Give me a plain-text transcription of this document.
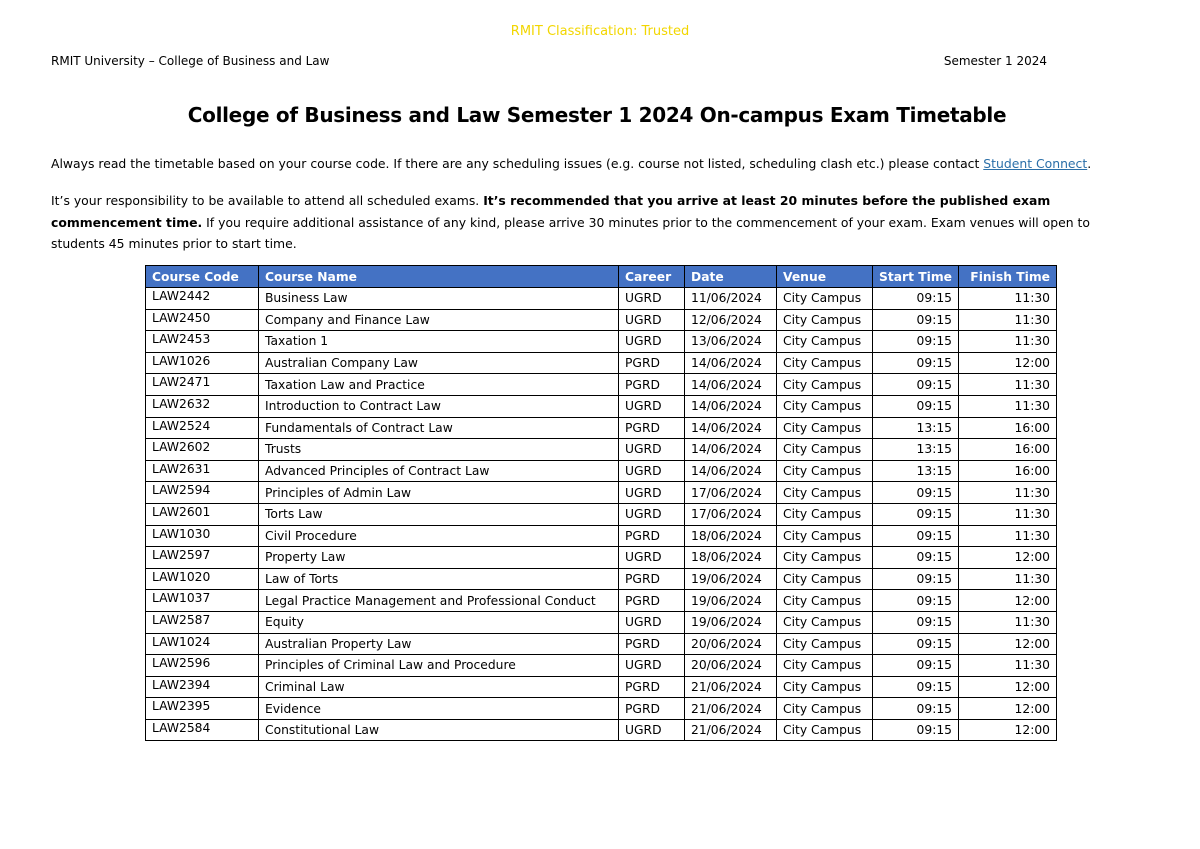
RMIT Classification: Trusted
RMIT University – College of Business and Law	Semester 1 2024
College of Business and Law Semester 1 2024 On-campus Exam Timetable
Always read the timetable based on your course code. If there are any scheduling issues (e.g. course not listed, scheduling clash etc.) please contact Student Connect.
It’s your responsibility to be available to attend all scheduled exams. It’s recommended that you arrive at least 20 minutes before the published exam commencement time. If you require additional assistance of any kind, please arrive 30 minutes prior to the commencement of your exam. Exam venues will open to students 45 minutes prior to start time.
Course Code	Course Name	Career	Date	Venue	Start Time	Finish Time
LAW2442	Business Law	UGRD	11/06/2024	City Campus	09:15	11:30
LAW2450	Company and Finance Law	UGRD	12/06/2024	City Campus	09:15	11:30
LAW2453	Taxation 1	UGRD	13/06/2024	City Campus	09:15	11:30
LAW1026	Australian Company Law	PGRD	14/06/2024	City Campus	09:15	12:00
LAW2471	Taxation Law and Practice	PGRD	14/06/2024	City Campus	09:15	11:30
LAW2632	Introduction to Contract Law	UGRD	14/06/2024	City Campus	09:15	11:30
LAW2524	Fundamentals of Contract Law	PGRD	14/06/2024	City Campus	13:15	16:00
LAW2602	Trusts	UGRD	14/06/2024	City Campus	13:15	16:00
LAW2631	Advanced Principles of Contract Law	UGRD	14/06/2024	City Campus	13:15	16:00
LAW2594	Principles of Admin Law	UGRD	17/06/2024	City Campus	09:15	11:30
LAW2601	Torts Law	UGRD	17/06/2024	City Campus	09:15	11:30
LAW1030	Civil Procedure	PGRD	18/06/2024	City Campus	09:15	11:30
LAW2597	Property Law	UGRD	18/06/2024	City Campus	09:15	12:00
LAW1020	Law of Torts	PGRD	19/06/2024	City Campus	09:15	11:30
LAW1037	Legal Practice Management and Professional Conduct	PGRD	19/06/2024	City Campus	09:15	12:00
LAW2587	Equity	UGRD	19/06/2024	City Campus	09:15	11:30
LAW1024	Australian Property Law	PGRD	20/06/2024	City Campus	09:15	12:00
LAW2596	Principles of Criminal Law and Procedure	UGRD	20/06/2024	City Campus	09:15	11:30
LAW2394	Criminal Law	PGRD	21/06/2024	City Campus	09:15	12:00
LAW2395	Evidence	PGRD	21/06/2024	City Campus	09:15	12:00
LAW2584	Constitutional Law	UGRD	21/06/2024	City Campus	09:15	12:00
